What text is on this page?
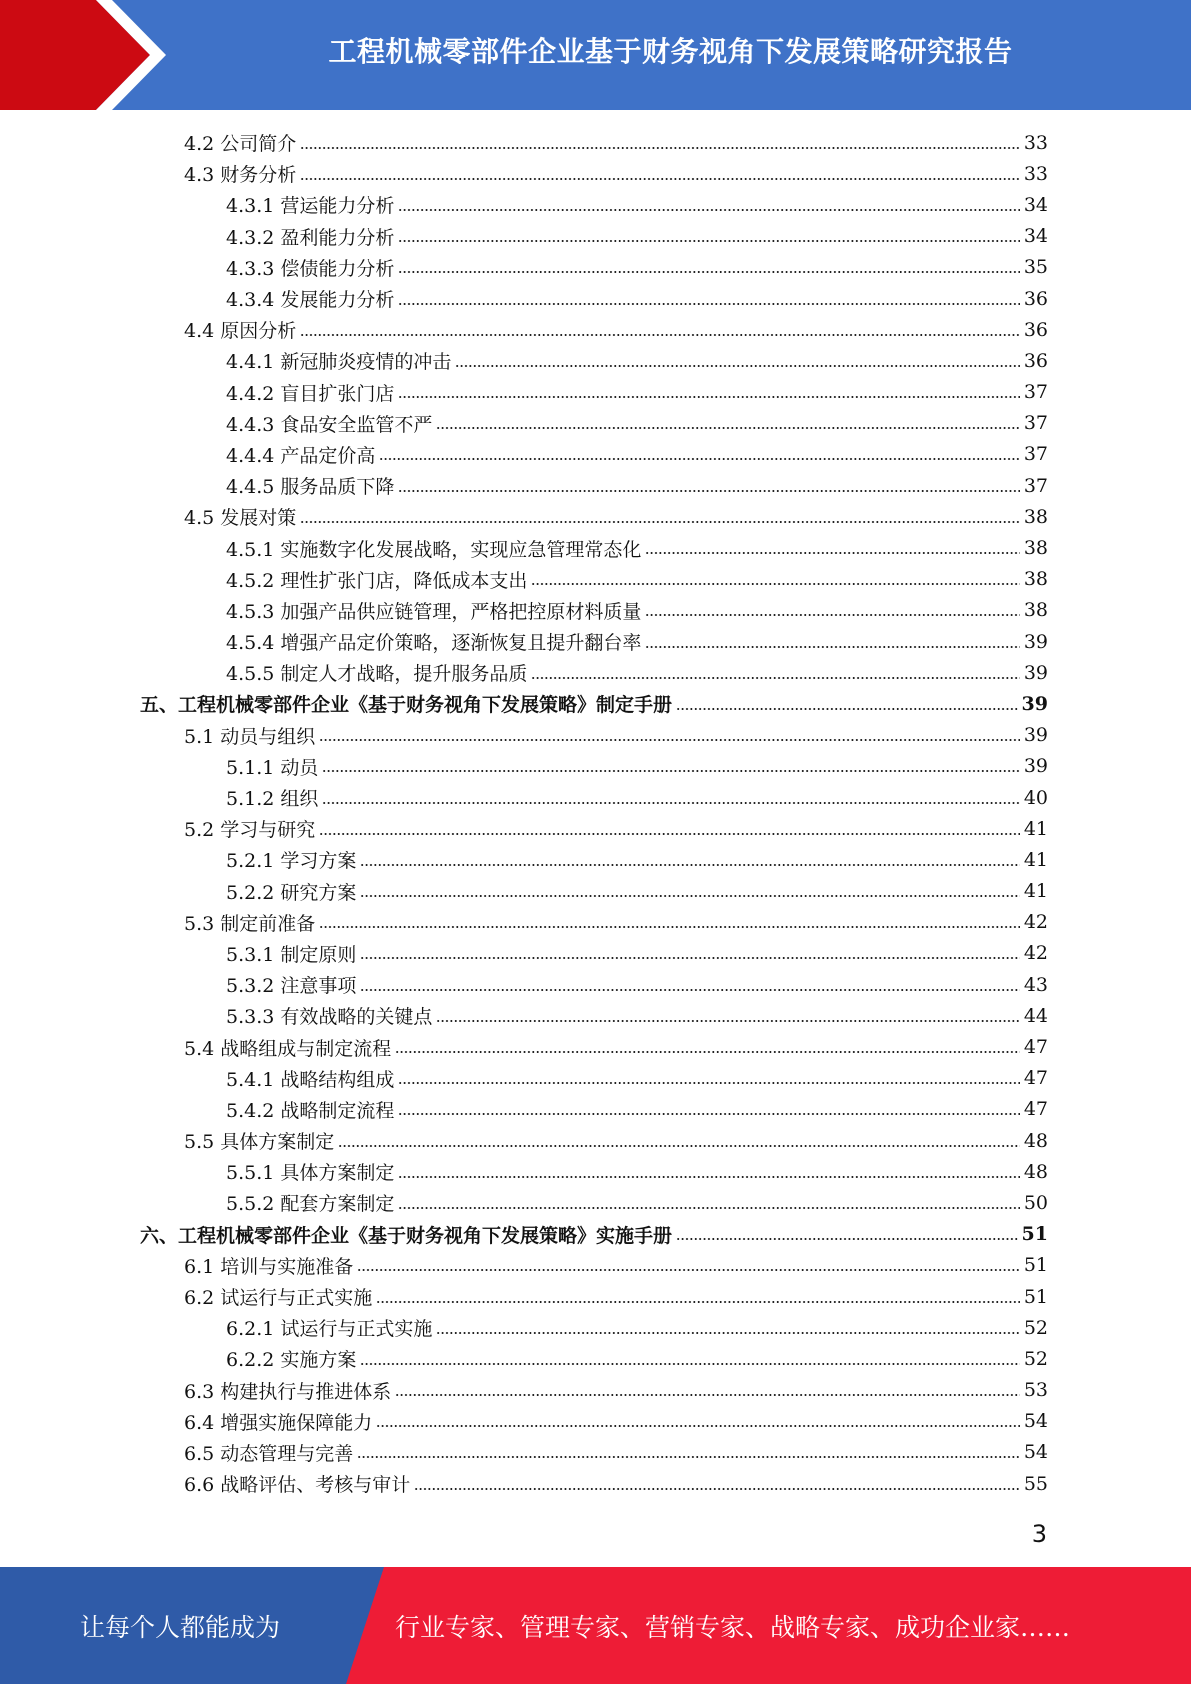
工程机械零部件企业基于财务视角下发展策略研究报告
4.2 公司简介	33
4.3 财务分析	33
4.3.1 营运能力分析	34
4.3.2 盈利能力分析	34
4.3.3 偿债能力分析	35
4.3.4 发展能力分析	36
4.4 原因分析	36
4.4.1 新冠肺炎疫情的冲击	36
4.4.2 盲目扩张门店	37
4.4.3 食品安全监管不严	37
4.4.4 产品定价高	37
4.4.5 服务品质下降	37
4.5 发展对策	38
4.5.1 实施数字化发展战略，实现应急管理常态化	38
4.5.2 理性扩张门店，降低成本支出	38
4.5.3 加强产品供应链管理，严格把控原材料质量	38
4.5.4 增强产品定价策略，逐渐恢复且提升翻台率	39
4.5.5 制定人才战略，提升服务品质	39
五、工程机械零部件企业《基于财务视角下发展策略》制定手册	39
5.1 动员与组织	39
5.1.1 动员	39
5.1.2 组织	40
5.2 学习与研究	41
5.2.1 学习方案	41
5.2.2 研究方案	41
5.3 制定前准备	42
5.3.1 制定原则	42
5.3.2 注意事项	43
5.3.3 有效战略的关键点	44
5.4 战略组成与制定流程	47
5.4.1 战略结构组成	47
5.4.2 战略制定流程	47
5.5 具体方案制定	48
5.5.1 具体方案制定	48
5.5.2 配套方案制定	50
六、工程机械零部件企业《基于财务视角下发展策略》实施手册	51
6.1 培训与实施准备	51
6.2 试运行与正式实施	51
6.2.1 试运行与正式实施	52
6.2.2 实施方案	52
6.3 构建执行与推进体系	53
6.4 增强实施保障能力	54
6.5 动态管理与完善	54
6.6 战略评估、考核与审计	55
3
让每个人都能成为	行业专家、管理专家、营销专家、战略专家、成功企业家……
